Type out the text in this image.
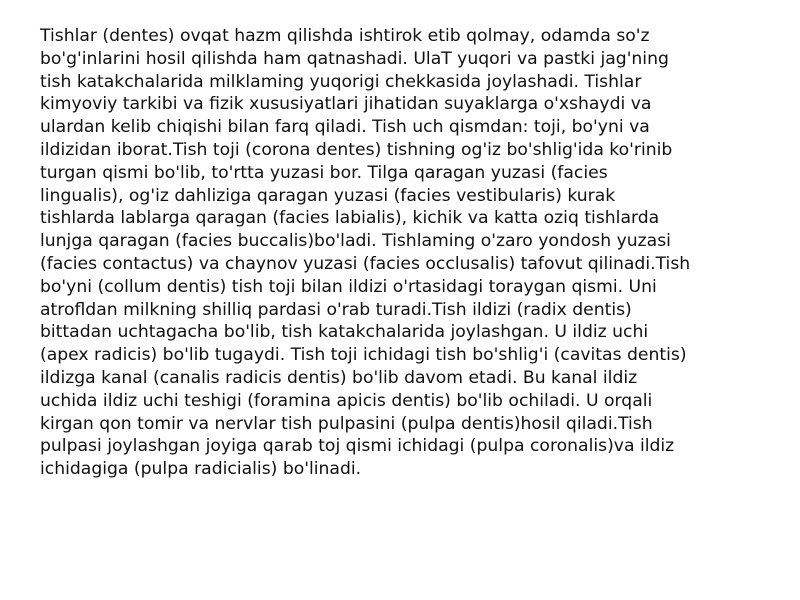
Tishlar (dentes) ovqat hazm qilishda ishtirok etib qolmay, odamda so'z
bo'g'inlarini hosil qilishda ham qatnashadi. UlaT yuqori va pastki jag'ning
tish katakchalarida milklaming yuqorigi chekkasida joylashadi. Tishlar
kimyoviy tarkibi va fizik xususiyatlari jihatidan suyaklarga o'xshaydi va
ulardan kelib chiqishi bilan farq qiladi. Tish uch qismdan: toji, bo'yni va
ildizidan iborat.Tish toji (corona dentes) tishning og'iz bo'shlig'ida ko'rinib
turgan qismi bo'lib, to'rtta yuzasi bor. Tilga qaragan yuzasi (facies
lingualis), og'iz dahliziga qaragan yuzasi (facies vestibularis) kurak
tishlarda lablarga qaragan (facies labialis), kichik va katta oziq tishlarda
lunjga qaragan (facies buccalis)bo'ladi. Tishlaming o'zaro yondosh yuzasi
(facies contactus) va chaynov yuzasi (facies occlusalis) tafovut qilinadi.Tish
bo'yni (collum dentis) tish toji bilan ildizi o'rtasidagi toraygan qismi. Uni
atrofldan milkning shilliq pardasi o'rab turadi.Tish ildizi (radix dentis)
bittadan uchtagacha bo'lib, tish katakchalarida joylashgan. U ildiz uchi
(apex radicis) bo'lib tugaydi. Tish toji ichidagi tish bo'shlig'i (cavitas dentis)
ildizga kanal (canalis radicis dentis) bo'lib davom etadi. Bu kanal ildiz
uchida ildiz uchi teshigi (foramina apicis dentis) bo'lib ochiladi. U orqali
kirgan qon tomir va nervlar tish pulpasini (pulpa dentis)hosil qiladi.Tish
pulpasi joylashgan joyiga qarab toj qismi ichidagi (pulpa coronalis)va ildiz
ichidagiga (pulpa radicialis) bo'linadi.
